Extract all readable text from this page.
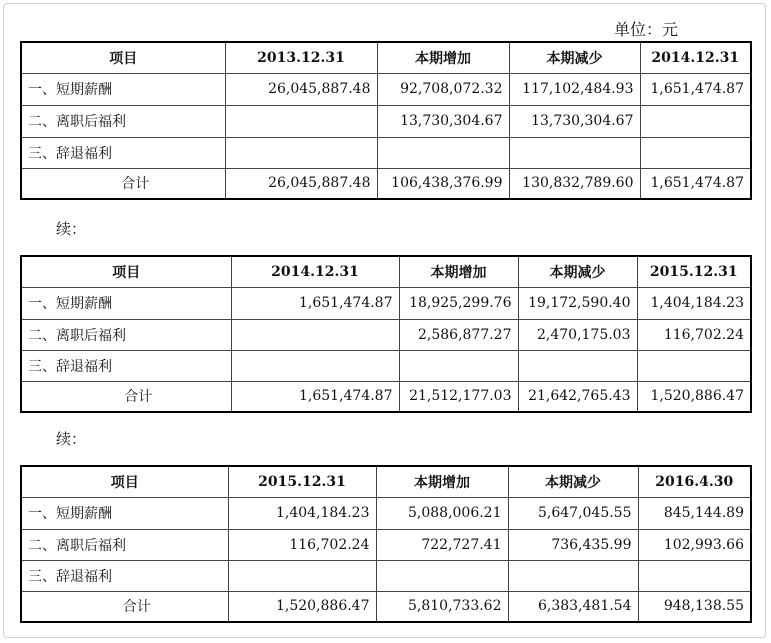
单位：元
项目	2013.12.31	本期增加	本期减少	2014.12.31
一、短期薪酬	26,045,887.48	92,708,072.32	117,102,484.93	1,651,474.87
二、离职后福利		13,730,304.67	13,730,304.67	
三、辞退福利				
合计	26,045,887.48	106,438,376.99	130,832,789.60	1,651,474.87
续：
项目	2014.12.31	本期增加	本期减少	2015.12.31
一、短期薪酬	1,651,474.87	18,925,299.76	19,172,590.40	1,404,184.23
二、离职后福利		2,586,877.27	2,470,175.03	116,702.24
三、辞退福利				
合计	1,651,474.87	21,512,177.03	21,642,765.43	1,520,886.47
续：
项目	2015.12.31	本期增加	本期减少	2016.4.30
一、短期薪酬	1,404,184.23	5,088,006.21	5,647,045.55	845,144.89
二、离职后福利	116,702.24	722,727.41	736,435.99	102,993.66
三、辞退福利				
合计	1,520,886.47	5,810,733.62	6,383,481.54	948,138.55
